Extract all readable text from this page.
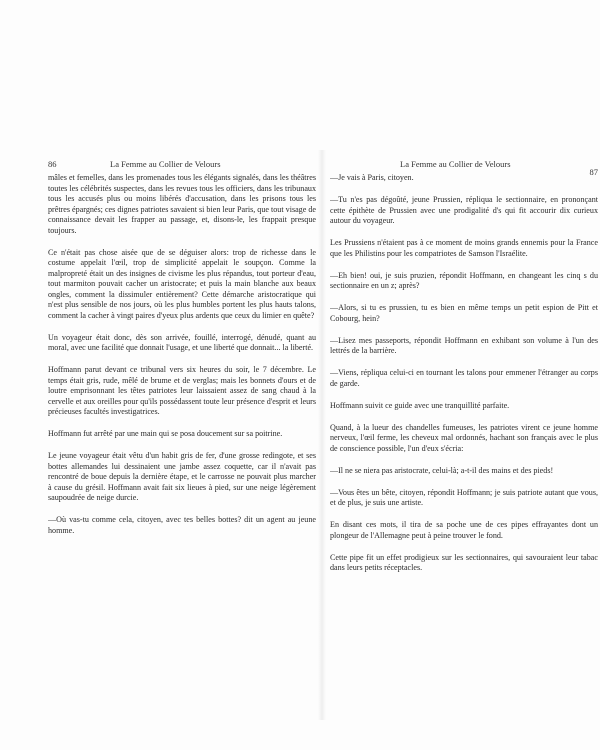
86	La Femme au Collier de Velours

mâles et femelles, dans les promenades tous les élégants signalés, dans les théâtres toutes les célébrités suspectes, dans les revues tous les officiers, dans les tribunaux tous les accusés plus ou moins libérés d'accusation, dans les prisons tous les prêtres épargnés; ces dignes patriotes savaient si bien leur Paris, que tout visage de connaissance devait les frapper au passage, et, disons-le, les frappait presque toujours.

Ce n'était pas chose aisée que de se déguiser alors: trop de richesse dans le costume appelait l'œil, trop de simplicité appelait le soupçon. Comme la malpropreté était un des insignes de civisme les plus répandus, tout porteur d'eau, tout marmiton pouvait cacher un aristocrate; et puis la main blanche aux beaux ongles, comment la dissimuler entièrement? Cette démarche aristocratique qui n'est plus sensible de nos jours, où les plus humbles portent les plus hauts talons, comment la cacher à vingt paires d'yeux plus ardents que ceux du limier en quête?

Un voyageur était donc, dès son arrivée, fouillé, interrogé, dénudé, quant au moral, avec une facilité que donnait l'usage, et une liberté que donnait... la liberté.

Hoffmann parut devant ce tribunal vers six heures du soir, le 7 décembre. Le temps était gris, rude, mêlé de brume et de verglas; mais les bonnets d'ours et de loutre emprisonnant les têtes patriotes leur laissaient assez de sang chaud à la cervelle et aux oreilles pour qu'ils possédassent toute leur présence d'esprit et leurs précieuses facultés investigatrices.

Hoffmann fut arrêté par une main qui se posa doucement sur sa poitrine.

Le jeune voyageur était vêtu d'un habit gris de fer, d'une grosse redingote, et ses bottes allemandes lui dessinaient une jambe assez coquette, car il n'avait pas rencontré de boue depuis la dernière étape, et le carrosse ne pouvait plus marcher à cause du grésil. Hoffmann avait fait six lieues à pied, sur une neige légèrement saupoudrée de neige durcie.

—Où vas-tu comme cela, citoyen, avec tes belles bottes? dit un agent au jeune homme.

La Femme au Collier de Velours
87

—Je vais à Paris, citoyen.

—Tu n'es pas dégoûté, jeune Prussien, répliqua le sectionnaire, en prononçant cette épithète de Prussien avec une prodigalité d's qui fit accourir dix curieux autour du voyageur.

Les Prussiens n'étaient pas à ce moment de moins grands ennemis pour la France que les Philistins pour les compatriotes de Samson l'Israélite.

—Eh bien! oui, je suis pruzien, répondit Hoffmann, en changeant les cinq s du sectionnaire en un z; après?

—Alors, si tu es prussien, tu es bien en même temps un petit espion de Pitt et Cobourg, hein?

—Lisez mes passeports, répondit Hoffmann en exhibant son volume à l'un des lettrés de la barrière.

—Viens, répliqua celui-ci en tournant les talons pour emmener l'étranger au corps de garde.

Hoffmann suivit ce guide avec une tranquillité parfaite.

Quand, à la lueur des chandelles fumeuses, les patriotes virent ce jeune homme nerveux, l'œil ferme, les cheveux mal ordonnés, hachant son français avec le plus de conscience possible, l'un d'eux s'écria:

—Il ne se niera pas aristocrate, celui-là; a-t-il des mains et des pieds!

—Vous êtes un bête, citoyen, répondit Hoffmann; je suis patriote autant que vous, et de plus, je suis une artiste.

En disant ces mots, il tira de sa poche une de ces pipes effrayantes dont un plongeur de l'Allemagne peut à peine trouver le fond.

Cette pipe fit un effet prodigieux sur les sectionnaires, qui savouraient leur tabac dans leurs petits réceptacles.
